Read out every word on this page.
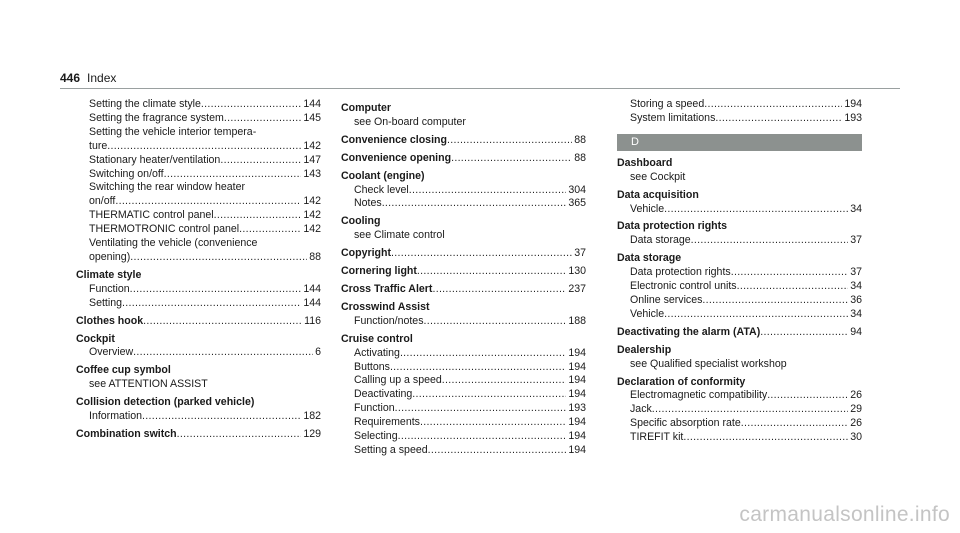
446 Index
Setting the climate style .....	144
Setting the fragrance system .....	145
Setting the vehicle interior tempera-
ture .....	142
Stationary heater/ventilation .....	147
Switching on/off .....	143
Switching the rear window heater
on/off .....	142
THERMATIC control panel .....	142
THERMOTRONIC control panel .....	142
Ventilating the vehicle (convenience
opening) .....	88
Climate style
Function .....	144
Setting .....	144
Clothes hook .....	116
Cockpit
Overview .....	6
Coffee cup symbol
see ATTENTION ASSIST
Collision detection (parked vehicle)
Information .....	182
Combination switch .....	129
Computer
see On-board computer
Convenience closing .....	88
Convenience opening .....	88
Coolant (engine)
Check level .....	304
Notes .....	365
Cooling
see Climate control
Copyright .....	37
Cornering light .....	130
Cross Traffic Alert .....	237
Crosswind Assist
Function/notes .....	188
Cruise control
Activating .....	194
Buttons .....	194
Calling up a speed .....	194
Deactivating .....	194
Function .....	193
Requirements .....	194
Selecting .....	194
Setting a speed .....	194
Storing a speed .....	194
System limitations .....	193
D
Dashboard
see Cockpit
Data acquisition
Vehicle .....	34
Data protection rights
Data storage .....	37
Data storage
Data protection rights .....	37
Electronic control units .....	34
Online services .....	36
Vehicle .....	34
Deactivating the alarm (ATA) .....	94
Dealership
see Qualified specialist workshop
Declaration of conformity
Electromagnetic compatibility .....	26
Jack .....	29
Specific absorption rate .....	26
TIREFIT kit .....	30
carmanualsonline.info
